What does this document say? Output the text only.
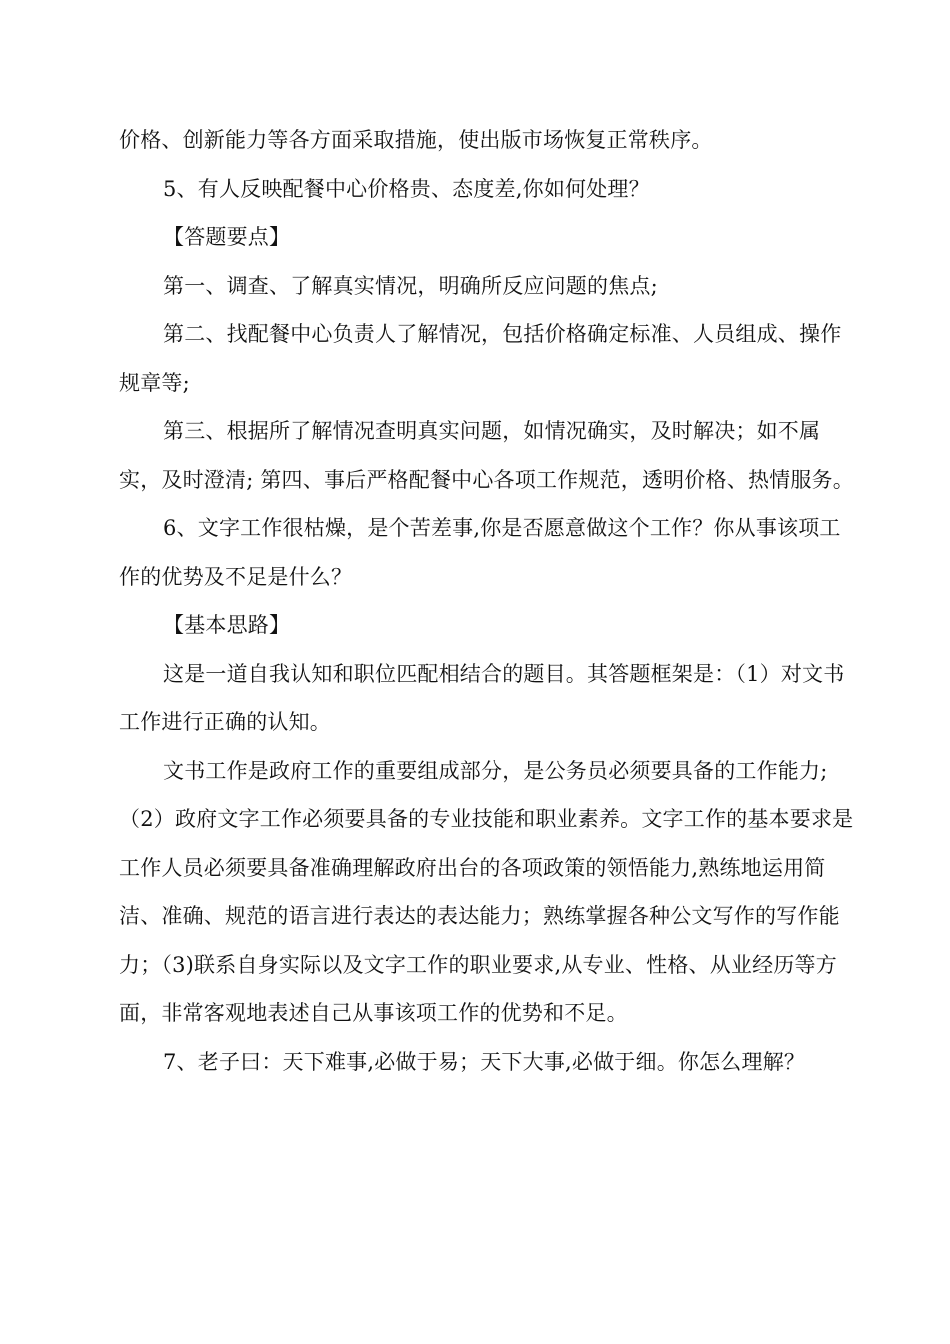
价格、创新能力等各方面采取措施，使出版市场恢复正常秩序。

5、有人反映配餐中心价格贵、态度差,你如何处理？

【答题要点】

第一、调查、了解真实情况，明确所反应问题的焦点;

第二、找配餐中心负责人了解情况，包括价格确定标准、人员组成、操作规章等;

第三、根据所了解情况查明真实问题，如情况确实，及时解决；如不属实，及时澄清; 第四、事后严格配餐中心各项工作规范，透明价格、热情服务。

6、文字工作很枯燥，是个苦差事,你是否愿意做这个工作？你从事该项工作的优势及不足是什么？

【基本思路】

这是一道自我认知和职位匹配相结合的题目。其答题框架是：（1）对文书工作进行正确的认知。

文书工作是政府工作的重要组成部分，是公务员必须要具备的工作能力;（2）政府文字工作必须要具备的专业技能和职业素养。文字工作的基本要求是工作人员必须要具备准确理解政府出台的各项政策的领悟能力,熟练地运用简洁、准确、规范的语言进行表达的表达能力；熟练掌握各种公文写作的写作能力；（3)联系自身实际以及文字工作的职业要求,从专业、性格、从业经历等方面，非常客观地表述自己从事该项工作的优势和不足。

7、老子曰：天下难事,必做于易；天下大事,必做于细。你怎么理解？
